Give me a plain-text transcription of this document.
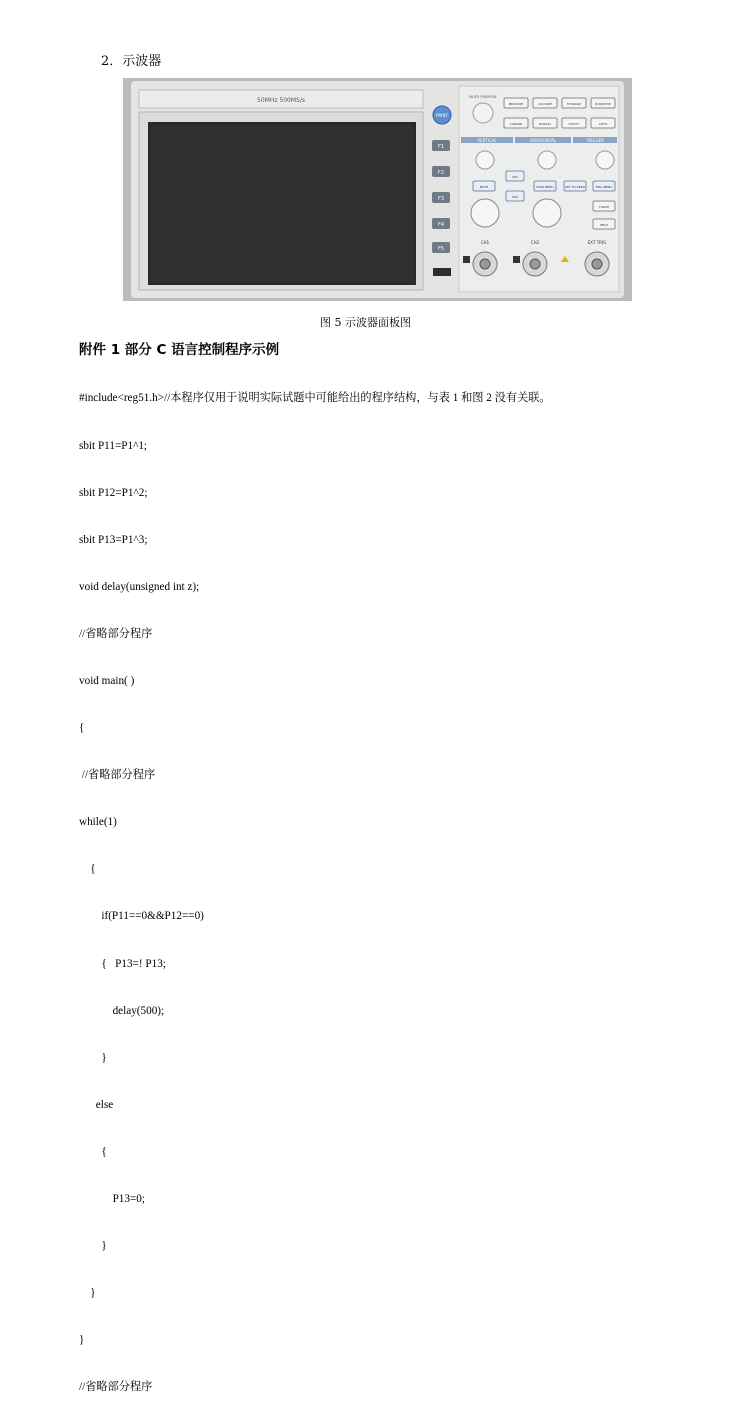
2．示波器
50MHz 500MS/s
PRINT
F1
F2
F3
F4
F5
MULTI PURPOSE
MEASURE	ACQUIRE	STORAGE	RUN/STOP
CURSOR	DISPLAY	UTILITY	AUTO
VERTICAL	HORIZONTAL	TRIGGER
MATH	HORI MENU	SET TO ZERO	TRIG MENU
FORCE
HELP
CH1
CH2
CH1	CH2	EXT TRIG
图 5 示波器面板图
附件 1 部分 C 语言控制程序示例

#include<reg51.h>//本程序仅用于说明实际试题中可能给出的程序结构，与表 1 和图 2 没有关联。

sbit P11=P1^1;

sbit P12=P1^2;

sbit P13=P1^3;

void delay(unsigned int z);

//省略部分程序

void main( )

{

//省略部分程序

while(1)

{

if(P11==0&&P12==0)

{   P13=! P13;

delay(500);

}

else

{

P13=0;

}

}

}

//省略部分程序
